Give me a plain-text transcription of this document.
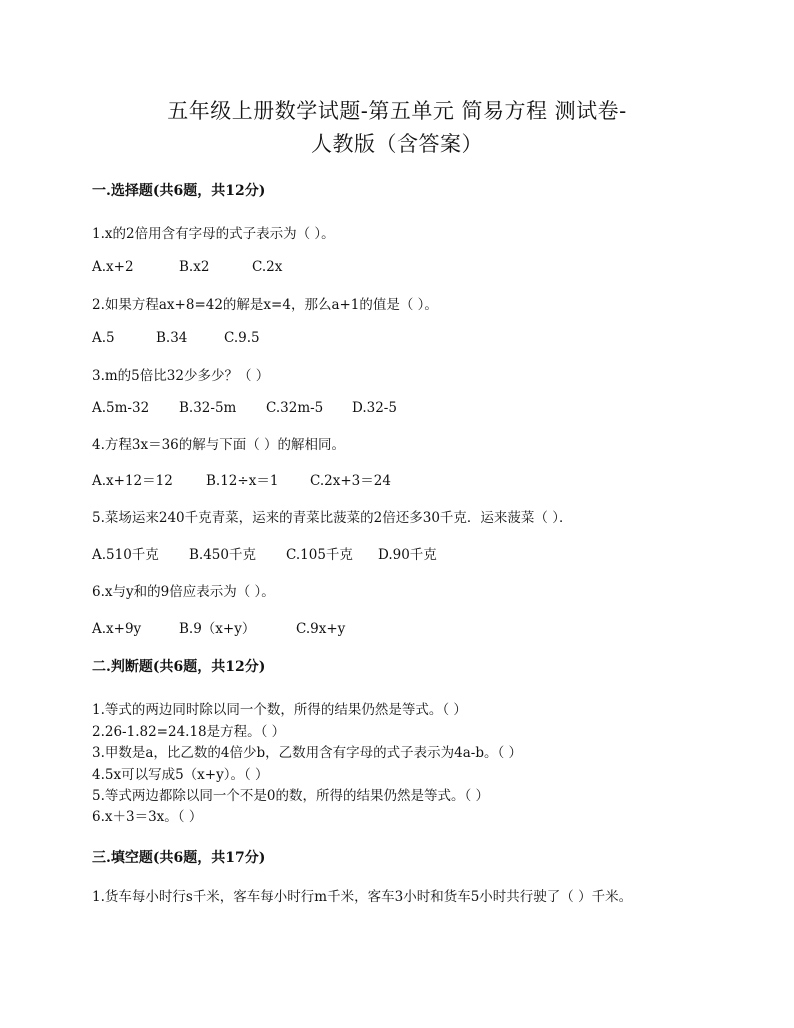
五年级上册数学试题-第五单元 简易方程 测试卷-
人教版（含答案）
一.选择题(共6题，共12分)
1.x的2倍用含有字母的式子表示为（ ）。
A.x+2	B.x2	C.2x
2.如果方程ax+8=42的解是x=4，那么a+1的值是（ ）。
A.5	B.34	C.9.5
3.m的5倍比32少多少？（ ）
A.5m-32 B.32-5m C.32m-5 D.32-5
4.方程3x＝36的解与下面（ ）的解相同。
A.x+12＝12 B.12÷x＝1 C.2x+3＝24
5.菜场运来240千克青菜，运来的青菜比菠菜的2倍还多30千克．运来菠菜（ ）．
A.510千克 B.450千克 C.105千克 D.90千克
6.x与y和的9倍应表示为（ ）。
A.x+9y	B.9（x+y）	C.9x+y
二.判断题(共6题，共12分)
1.等式的两边同时除以同一个数，所得的结果仍然是等式。（ ）
2.26-1.82=24.18是方程。（ ）
3.甲数是a，比乙数的4倍少b，乙数用含有字母的式子表示为4a-b。（ ）
4.5x可以写成5（x+y）。（ ）
5.等式两边都除以同一个不是0的数，所得的结果仍然是等式。（ ）
6.x＋3＝3x。（ ）
三.填空题(共6题，共17分)
1.货车每小时行s千米，客车每小时行m千米，客车3小时和货车5小时共行驶了（ ）千米。
